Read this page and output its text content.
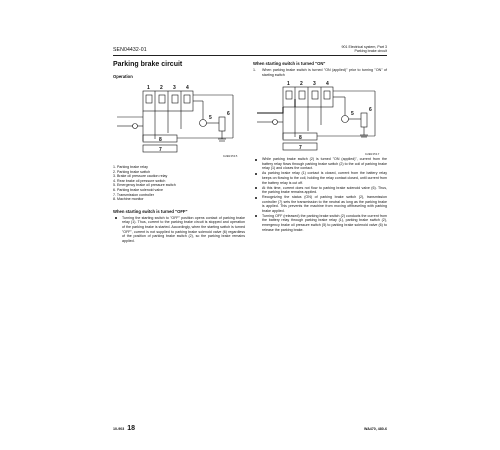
SEN04432-01	901 Electrical system, Part 3
Parking brake circuit
Parking brake circuit
Operation
1 2 3 4
5
6
8
7
9JB03515
1. Parking brake relay
2. Parking brake switch
3. Brake oil pressure caution relay
4. Rear brake oil pressure switch
5. Emergency brake oil pressure switch
6. Parking brake solenoid valve
7. Transmission controller
8. Machine monitor
When starting switch is turned "OFF"
Turning the starting switch to "OFF" position opens contact of parking brake relay (1). Thus, current to the parking brake circuit is stopped and operation of the parking brake is started. Accordingly, when the starting switch is turned "OFF", current is not supplied to parking brake solenoid valve (6) regardless of the position of parking brake switch (2), so the parking brake remains applied.
When starting switch is turned "ON"
1. When parking brake switch is turned "ON (applied)" prior to turning "ON" of starting switch
1 2 3 4
5
6
8
7
9JB03517
While parking brake switch (2) is turned "ON (applied)", current from the battery relay flows through parking brake switch (2) to the coil of parking brake relay (1) and closes the contact.
As parking brake relay (1) contact is closed, current from the battery relay keeps on flowing to the coil, holding the relay contact closed, until current from the battery relay is cut off.
At this time, current does not flow to parking brake solenoid valve (6). Thus, the parking brake remains applied.
Recognizing the status (ON) of parking brake switch (2), transmission controller (7) sets the transmission to the neutral as long as the parking brake is applied. This prevents the machine from moving off/traveling with parking brake applied.
Turning OFF (released) the parking brake switch (2) conducts the current from the battery relay through parking brake relay (1), parking brake switch (2), emergency brake oil pressure switch (5) to parking brake solenoid valve (6) to release the parking brake.
10-903 18	WA470, 480-6
